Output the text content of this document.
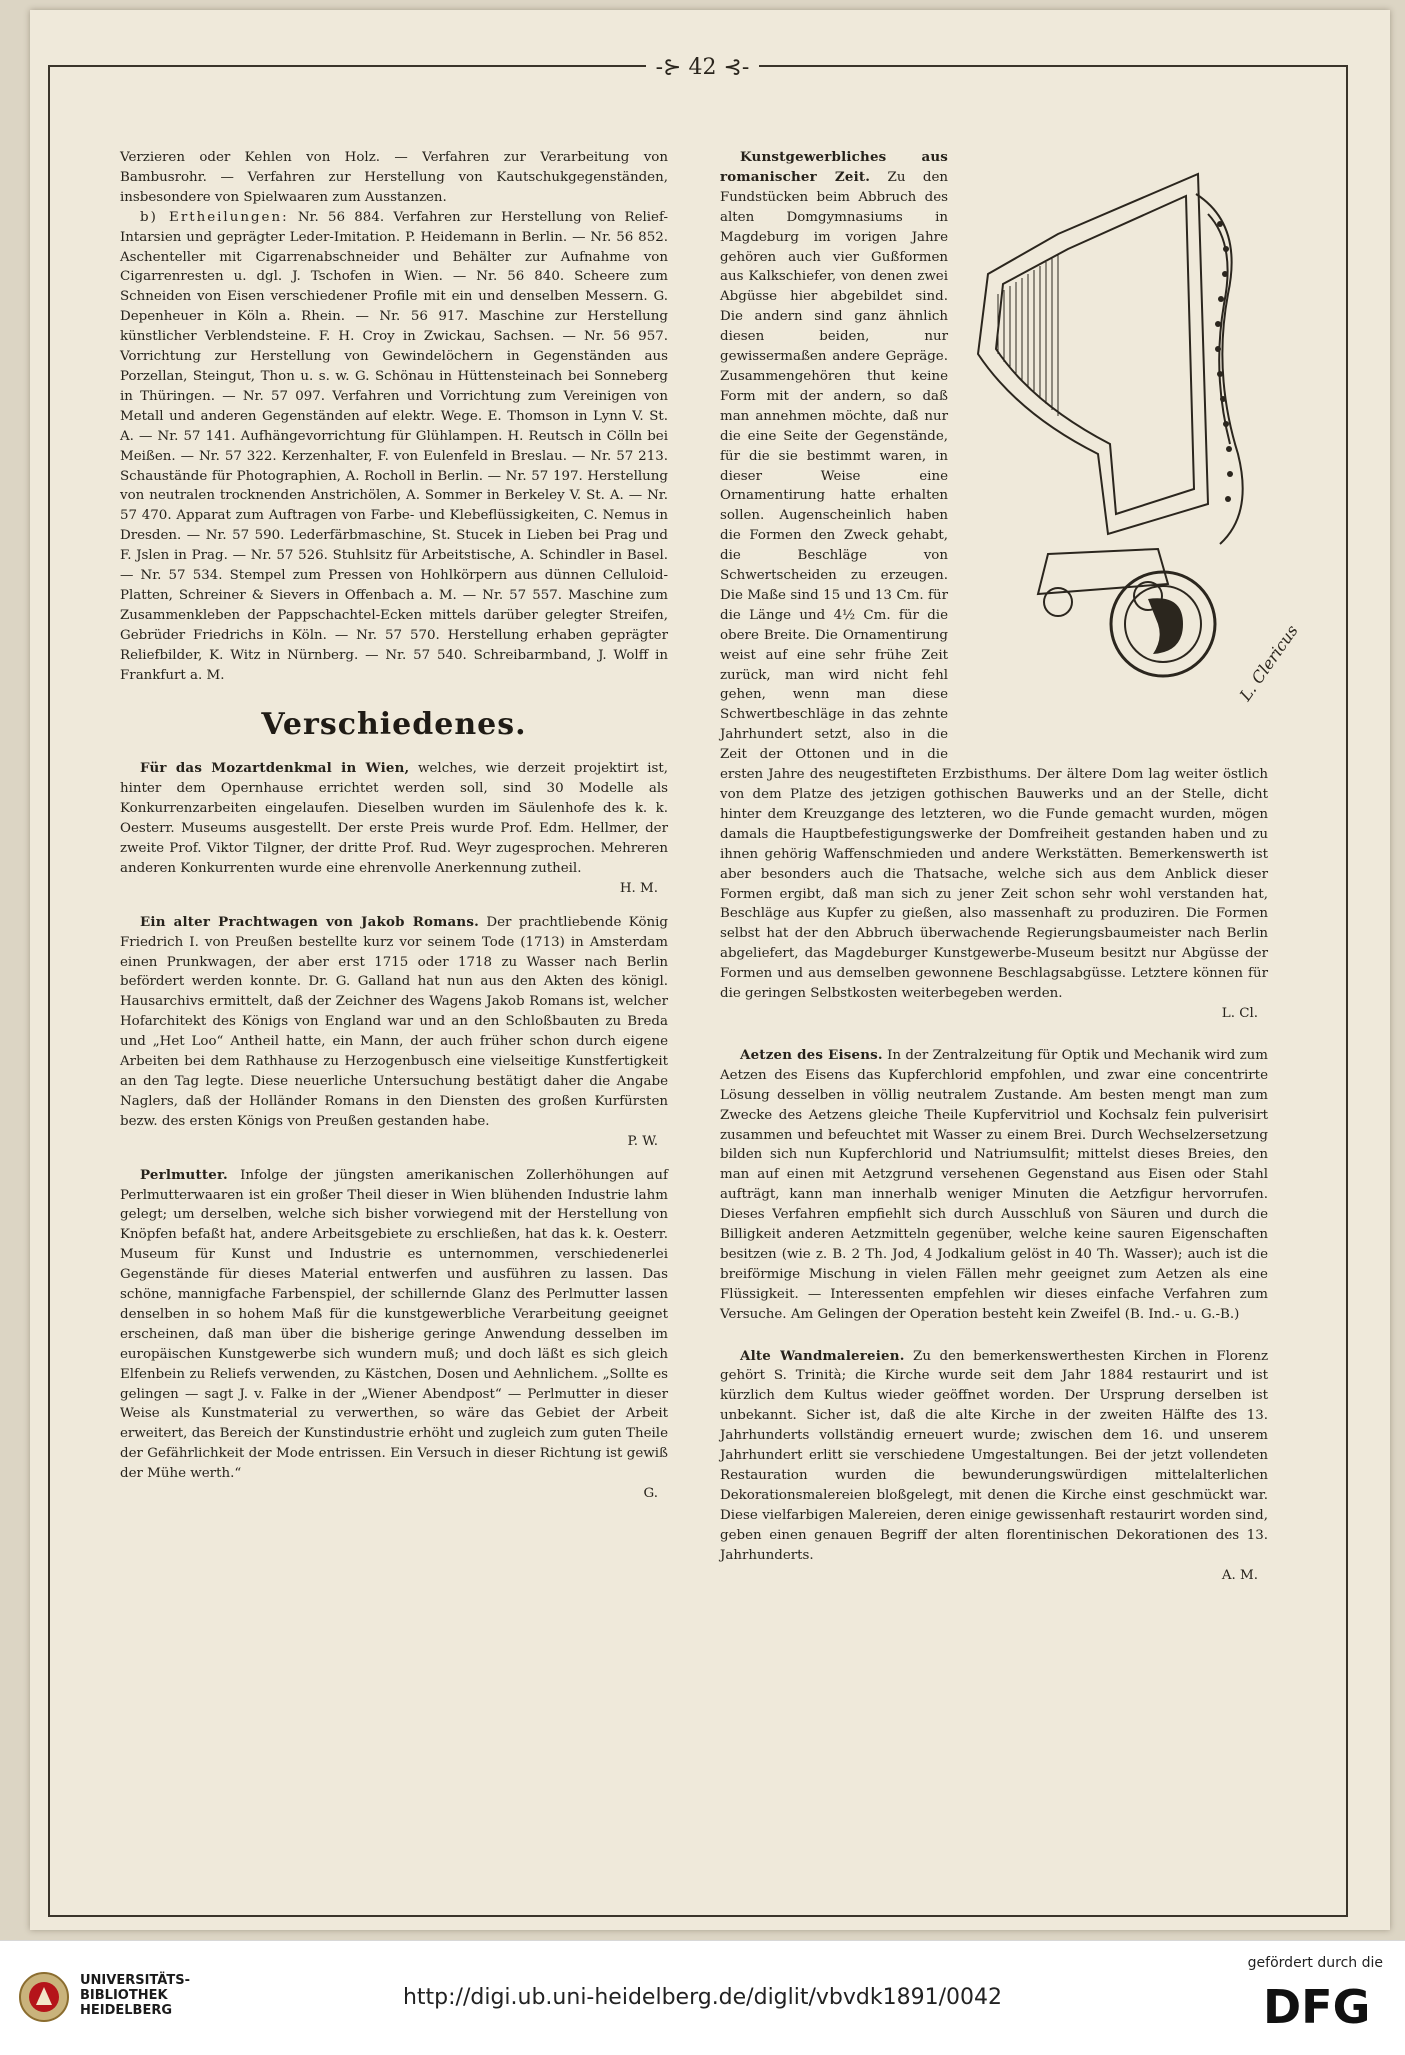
-⊱ 42 ⊰-

Verzieren oder Kehlen von Holz. — Verfahren zur Verarbeitung von Bambusrohr. — Verfahren zur Herstellung von Kautschukgegenständen, insbesondere von Spielwaaren zum Ausstanzen.

b) Ertheilungen: Nr. 56 884. Verfahren zur Herstellung von Relief-Intarsien und geprägter Leder-Imitation. P. Heidemann in Berlin. — Nr. 56 852. Aschenteller mit Cigarrenabschneider und Behälter zur Aufnahme von Cigarrenresten u. dgl. J. Tschofen in Wien. — Nr. 56 840. Scheere zum Schneiden von Eisen verschiedener Profile mit ein und denselben Messern. G. Depenheuer in Köln a. Rhein. — Nr. 56 917. Maschine zur Herstellung künstlicher Verblendsteine. F. H. Croy in Zwickau, Sachsen. — Nr. 56 957. Vorrichtung zur Herstellung von Gewindelöchern in Gegenständen aus Porzellan, Steingut, Thon u. s. w. G. Schönau in Hüttensteinach bei Sonneberg in Thüringen. — Nr. 57 097. Verfahren und Vorrichtung zum Vereinigen von Metall und anderen Gegenständen auf elektr. Wege. E. Thomson in Lynn V. St. A. — Nr. 57 141. Aufhängevorrichtung für Glühlampen. H. Reutsch in Cölln bei Meißen. — Nr. 57 322. Kerzenhalter, F. von Eulenfeld in Breslau. — Nr. 57 213. Schaustände für Photographien, A. Rocholl in Berlin. — Nr. 57 197. Herstellung von neutralen trocknenden Anstrichölen, A. Sommer in Berkeley V. St. A. — Nr. 57 470. Apparat zum Auftragen von Farbe- und Klebeflüssigkeiten, C. Nemus in Dresden. — Nr. 57 590. Lederfärbmaschine, St. Stucek in Lieben bei Prag und F. Jslen in Prag. — Nr. 57 526. Stuhlsitz für Arbeitstische, A. Schindler in Basel. — Nr. 57 534. Stempel zum Pressen von Hohlkörpern aus dünnen Celluloid-Platten, Schreiner & Sievers in Offenbach a. M. — Nr. 57 557. Maschine zum Zusammenkleben der Pappschachtel-Ecken mittels darüber gelegter Streifen, Gebrüder Friedrichs in Köln. — Nr. 57 570. Herstellung erhaben geprägter Reliefbilder, K. Witz in Nürnberg. — Nr. 57 540. Schreibarmband, J. Wolff in Frankfurt a. M.

Verschiedenes.

Für das Mozartdenkmal in Wien, welches, wie derzeit projektirt ist, hinter dem Opernhause errichtet werden soll, sind 30 Modelle als Konkurrenzarbeiten eingelaufen. Dieselben wurden im Säulenhofe des k. k. Oesterr. Museums ausgestellt. Der erste Preis wurde Prof. Edm. Hellmer, der zweite Prof. Viktor Tilgner, der dritte Prof. Rud. Weyr zugesprochen. Mehreren anderen Konkurrenten wurde eine ehrenvolle Anerkennung zutheil.

H. M.

Ein alter Prachtwagen von Jakob Romans. Der prachtliebende König Friedrich I. von Preußen bestellte kurz vor seinem Tode (1713) in Amsterdam einen Prunkwagen, der aber erst 1715 oder 1718 zu Wasser nach Berlin befördert werden konnte. Dr. G. Galland hat nun aus den Akten des königl. Hausarchivs ermittelt, daß der Zeichner des Wagens Jakob Romans ist, welcher Hofarchitekt des Königs von England war und an den Schloßbauten zu Breda und „Het Loo“ Antheil hatte, ein Mann, der auch früher schon durch eigene Arbeiten bei dem Rathhause zu Herzogenbusch eine vielseitige Kunstfertigkeit an den Tag legte. Diese neuerliche Untersuchung bestätigt daher die Angabe Naglers, daß der Holländer Romans in den Diensten des großen Kurfürsten bezw. des ersten Königs von Preußen gestanden habe.

P. W.

Perlmutter. Infolge der jüngsten amerikanischen Zollerhöhungen auf Perlmutterwaaren ist ein großer Theil dieser in Wien blühenden Industrie lahm gelegt; um derselben, welche sich bisher vorwiegend mit der Herstellung von Knöpfen befaßt hat, andere Arbeitsgebiete zu erschließen, hat das k. k. Oesterr. Museum für Kunst und Industrie es unternommen, verschiedenerlei Gegenstände für dieses Material entwerfen und ausführen zu lassen. Das schöne, mannigfache Farbenspiel, der schillernde Glanz des Perlmutter lassen denselben in so hohem Maß für die kunstgewerbliche Verarbeitung geeignet erscheinen, daß man über die bisherige geringe Anwendung desselben im europäischen Kunstgewerbe sich wundern muß; und doch läßt es sich gleich Elfenbein zu Reliefs verwenden, zu Kästchen, Dosen und Aehnlichem. „Sollte es gelingen — sagt J. v. Falke in der „Wiener Abendpost“ — Perlmutter in dieser Weise als Kunstmaterial zu verwerthen, so wäre das Gebiet der Arbeit erweitert, das Bereich der Kunstindustrie erhöht und zugleich zum guten Theile der Gefährlichkeit der Mode entrissen. Ein Versuch in dieser Richtung ist gewiß der Mühe werth.“

G.

L. Clericus

Kunstgewerbliches aus romanischer Zeit. Zu den Fundstücken beim Abbruch des alten Domgymnasiums in Magdeburg im vorigen Jahre gehören auch vier Gußformen aus Kalkschiefer, von denen zwei Abgüsse hier abgebildet sind. Die andern sind ganz ähnlich diesen beiden, nur gewissermaßen andere Gepräge. Zusammengehören thut keine Form mit der andern, so daß man annehmen möchte, daß nur die eine Seite der Gegenstände, für die sie bestimmt waren, in dieser Weise eine Ornamentirung hatte erhalten sollen. Augenscheinlich haben die Formen den Zweck gehabt, die Beschläge von Schwertscheiden zu erzeugen. Die Maße sind 15 und 13 Cm. für die Länge und 4½ Cm. für die obere Breite. Die Ornamentirung weist auf eine sehr frühe Zeit zurück, man wird nicht fehl gehen, wenn man diese Schwertbeschläge in das zehnte Jahrhundert setzt, also in die Zeit der Ottonen und in die ersten Jahre des neugestifteten Erzbisthums. Der ältere Dom lag weiter östlich von dem Platze des jetzigen gothischen Bauwerks und an der Stelle, dicht hinter dem Kreuzgange des letzteren, wo die Funde gemacht wurden, mögen damals die Hauptbefestigungswerke der Domfreiheit gestanden haben und zu ihnen gehörig Waffenschmieden und andere Werkstätten. Bemerkenswerth ist aber besonders auch die Thatsache, welche sich aus dem Anblick dieser Formen ergibt, daß man sich zu jener Zeit schon sehr wohl verstanden hat, Beschläge aus Kupfer zu gießen, also massenhaft zu produziren. Die Formen selbst hat der den Abbruch überwachende Regierungsbaumeister nach Berlin abgeliefert, das Magdeburger Kunstgewerbe-Museum besitzt nur Abgüsse der Formen und aus demselben gewonnene Beschlagsabgüsse. Letztere können für die geringen Selbstkosten weiterbegeben werden.

L. Cl.

Aetzen des Eisens. In der Zentralzeitung für Optik und Mechanik wird zum Aetzen des Eisens das Kupferchlorid empfohlen, und zwar eine concentrirte Lösung desselben in völlig neutralem Zustande. Am besten mengt man zum Zwecke des Aetzens gleiche Theile Kupfervitriol und Kochsalz fein pulverisirt zusammen und befeuchtet mit Wasser zu einem Brei. Durch Wechselzersetzung bilden sich nun Kupferchlorid und Natriumsulfit; mittelst dieses Breies, den man auf einen mit Aetzgrund versehenen Gegenstand aus Eisen oder Stahl aufträgt, kann man innerhalb weniger Minuten die Aetzfigur hervorrufen. Dieses Verfahren empfiehlt sich durch Ausschluß von Säuren und durch die Billigkeit anderen Aetzmitteln gegenüber, welche keine sauren Eigenschaften besitzen (wie z. B. 2 Th. Jod, 4 Jodkalium gelöst in 40 Th. Wasser); auch ist die breiförmige Mischung in vielen Fällen mehr geeignet zum Aetzen als eine Flüssigkeit. — Interessenten empfehlen wir dieses einfache Verfahren zum Versuche. Am Gelingen der Operation besteht kein Zweifel (B. Ind.- u. G.-B.)

Alte Wandmalereien. Zu den bemerkenswerthesten Kirchen in Florenz gehört S. Trinità; die Kirche wurde seit dem Jahr 1884 restaurirt und ist kürzlich dem Kultus wieder geöffnet worden. Der Ursprung derselben ist unbekannt. Sicher ist, daß die alte Kirche in der zweiten Hälfte des 13. Jahrhunderts vollständig erneuert wurde; zwischen dem 16. und unserem Jahrhundert erlitt sie verschiedene Umgestaltungen. Bei der jetzt vollendeten Restauration wurden die bewunderungswürdigen mittelalterlichen Dekorationsmalereien bloßgelegt, mit denen die Kirche einst geschmückt war. Diese vielfarbigen Malereien, deren einige gewissenhaft restaurirt worden sind, geben einen genauen Begriff der alten florentinischen Dekorationen des 13. Jahrhunderts.

A. M.

UNIVERSITÄTS-
BIBLIOTHEK
HEIDELBERG
http://digi.ub.uni-heidelberg.de/diglit/vbvdk1891/0042
gefördert durch die
DFG
